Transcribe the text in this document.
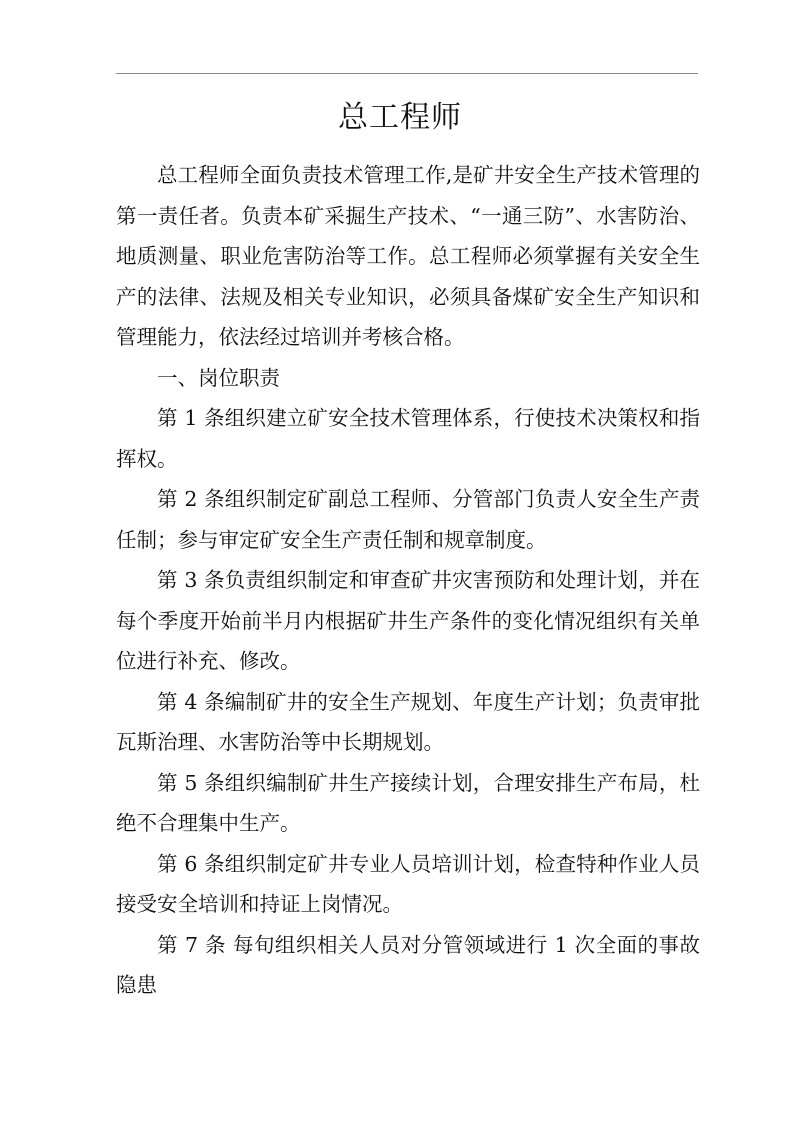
总工程师

总工程师全面负责技术管理工作,是矿井安全生产技术管理的第一责任者。负责本矿采掘生产技术、“一通三防”、水害防治、地质测量、职业危害防治等工作。总工程师必须掌握有关安全生产的法律、法规及相关专业知识，必须具备煤矿安全生产知识和管理能力，依法经过培训并考核合格。

一、岗位职责

第 1 条组织建立矿安全技术管理体系，行使技术决策权和指挥权。

第 2 条组织制定矿副总工程师、分管部门负责人安全生产责任制；参与审定矿安全生产责任制和规章制度。

第 3 条负责组织制定和审查矿井灾害预防和处理计划，并在每个季度开始前半月内根据矿井生产条件的变化情况组织有关单位进行补充、修改。

第 4 条编制矿井的安全生产规划、年度生产计划；负责审批瓦斯治理、水害防治等中长期规划。

第 5 条组织编制矿井生产接续计划，合理安排生产布局，杜绝不合理集中生产。

第 6 条组织制定矿井专业人员培训计划，检查特种作业人员接受安全培训和持证上岗情况。

第 7 条 每旬组织相关人员对分管领域进行 1 次全面的事故隐患
